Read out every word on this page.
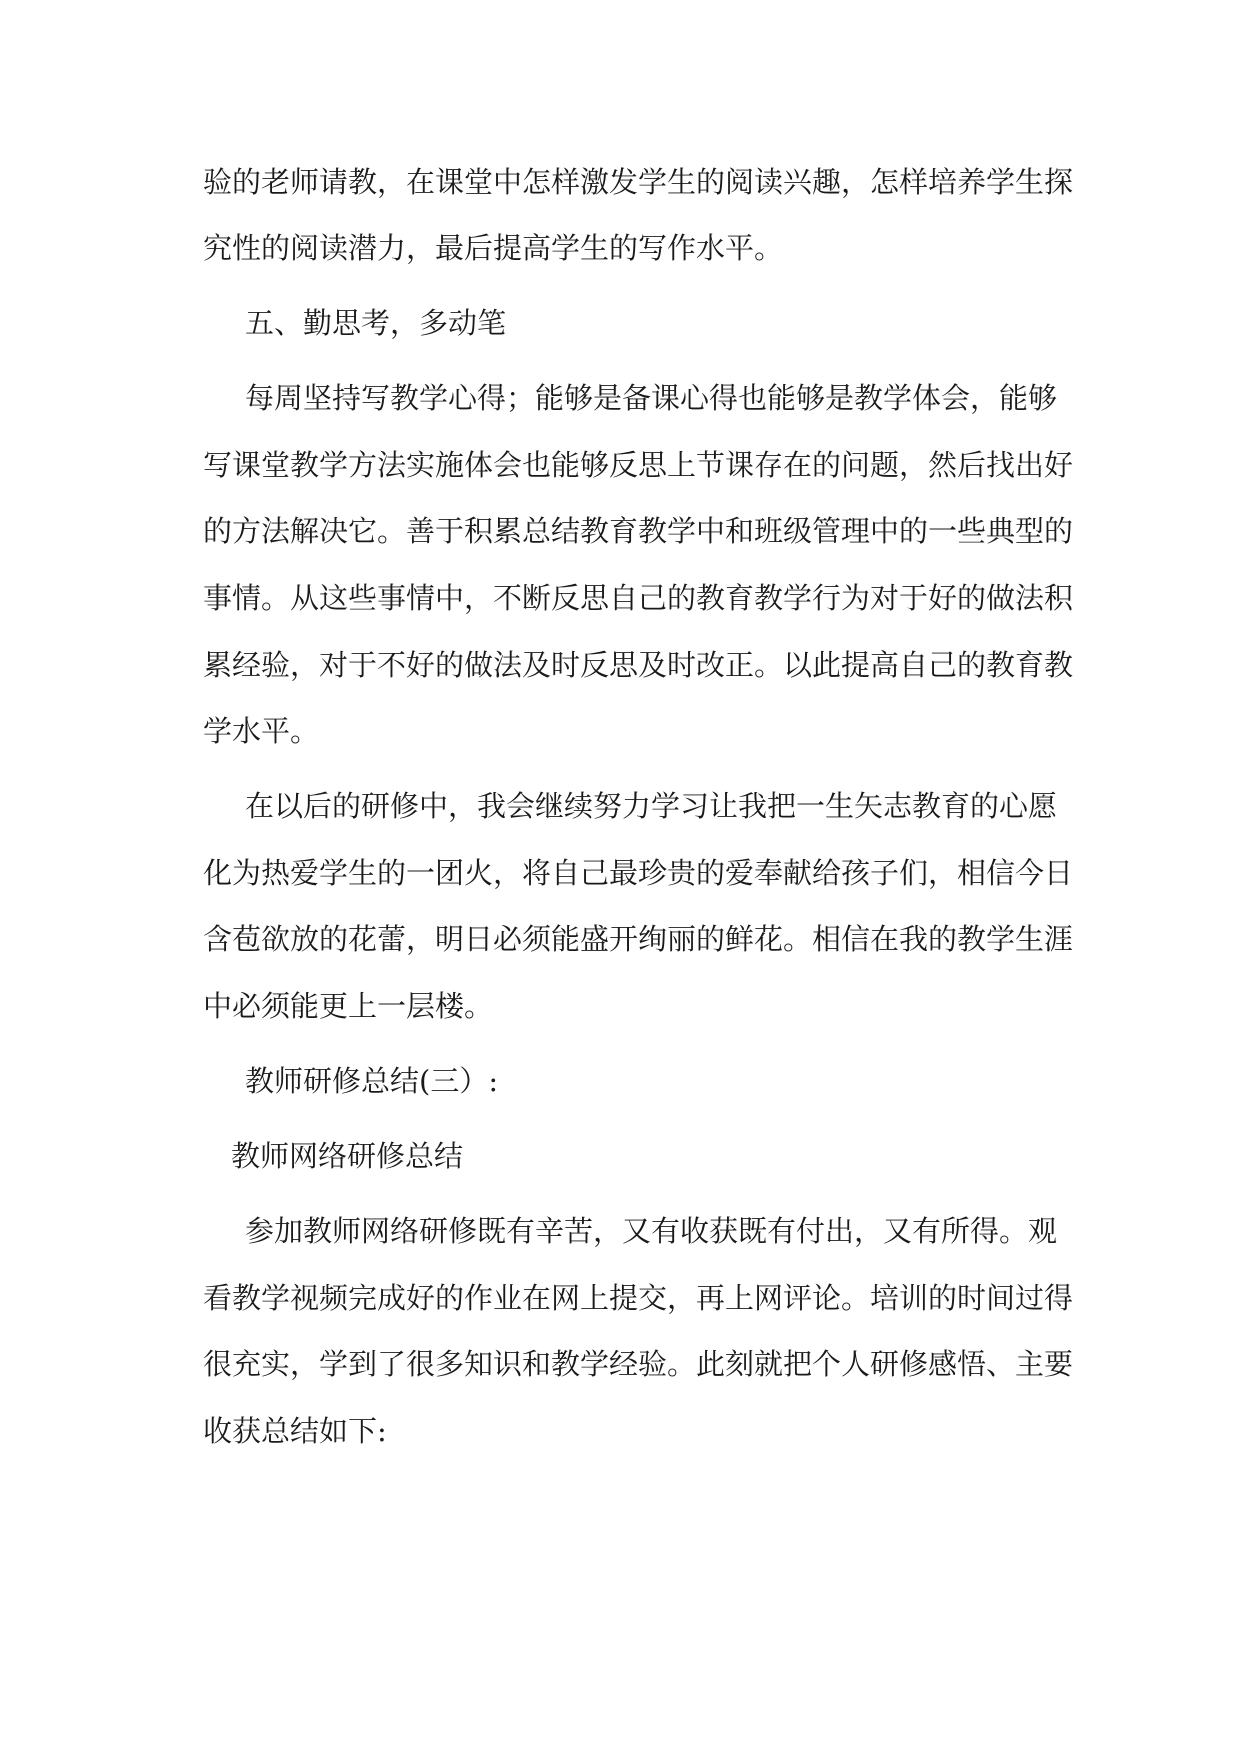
验的老师请教，在课堂中怎样激发学生的阅读兴趣，怎样培养学生探
究性的阅读潜力，最后提高学生的写作水平。
五、勤思考，多动笔
每周坚持写教学心得；能够是备课心得也能够是教学体会，能够
写课堂教学方法实施体会也能够反思上节课存在的问题，然后找出好
的方法解决它。善于积累总结教育教学中和班级管理中的一些典型的
事情。从这些事情中，不断反思自己的教育教学行为对于好的做法积
累经验，对于不好的做法及时反思及时改正。以此提高自己的教育教
学水平。
在以后的研修中，我会继续努力学习让我把一生矢志教育的心愿
化为热爱学生的一团火，将自己最珍贵的爱奉献给孩子们，相信今日
含苞欲放的花蕾，明日必须能盛开绚丽的鲜花。相信在我的教学生涯
中必须能更上一层楼。
教师研修总结(三）:
教师网络研修总结
参加教师网络研修既有辛苦，又有收获既有付出，又有所得。观
看教学视频完成好的作业在网上提交，再上网评论。培训的时间过得
很充实，学到了很多知识和教学经验。此刻就把个人研修感悟、主要
收获总结如下:
